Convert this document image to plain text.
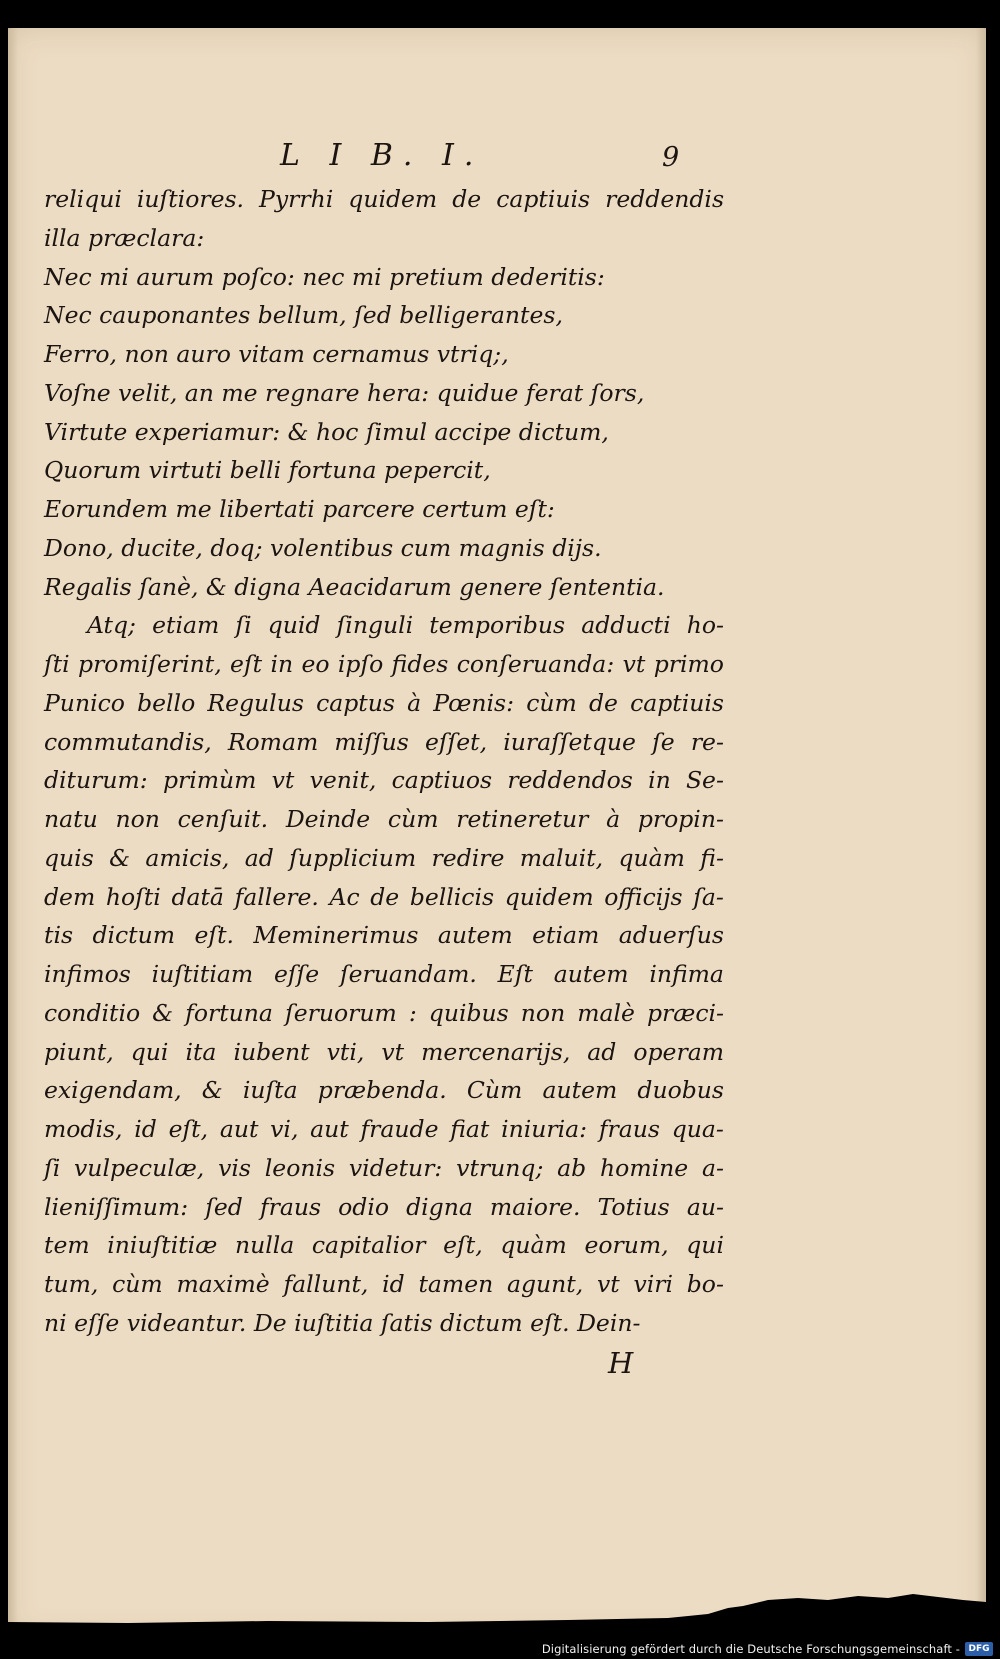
L I B. I.	9
reliqui iuſtiores. Pyrrhi quidem de captiuis reddendis
illa præclara:
Nec mi aurum poſco: nec mi pretium dederitis:
Nec cauponantes bellum, ſed belligerantes,
Ferro, non auro vitam cernamus vtriq;,
Voſne velit, an me regnare hera: quidue ferat ſors,
Virtute experiamur: & hoc ſimul accipe dictum,
Quorum virtuti belli fortuna pepercit,
Eorundem me libertati parcere certum eſt:
Dono, ducite, doq; volentibus cum magnis dijs.
Regalis ſanè, & digna Aeacidarum genere ſententia.
Atq; etiam ſi quid ſinguli temporibus adducti ho-
ſti promiſerint, eſt in eo ipſo fides conſeruanda: vt primo
Punico bello Regulus captus à Pœnis: cùm de captiuis
commutandis, Romam miſſus eſſet, iuraſſetque ſe re-
diturum: primùm vt venit, captiuos reddendos in Se-
natu non cenſuit. Deinde cùm retineretur à propin-
quis & amicis, ad ſupplicium redire maluit, quàm fi-
dem hoſti datā fallere. Ac de bellicis quidem officijs ſa-
tis dictum eſt. Meminerimus autem etiam aduerſus
infimos iuſtitiam eſſe ſeruandam. Eſt autem infima
conditio & fortuna ſeruorum : quibus non malè præci-
piunt, qui ita iubent vti, vt mercenarijs, ad operam
exigendam, & iuſta præbenda. Cùm autem duobus
modis, id eſt, aut vi, aut fraude fiat iniuria: fraus qua-
ſi vulpeculæ, vis leonis videtur: vtrunq; ab homine a-
lieniſſimum: ſed fraus odio digna maiore. Totius au-
tem iniuſtitiæ nulla capitalior eſt, quàm eorum, qui
tum, cùm maximè fallunt, id tamen agunt, vt viri bo-
ni eſſe videantur. De iuſtitia ſatis dictum eſt. Dein-
H
Digitalisierung gefördert durch die Deutsche Forschungsgemeinschaft - DFG
